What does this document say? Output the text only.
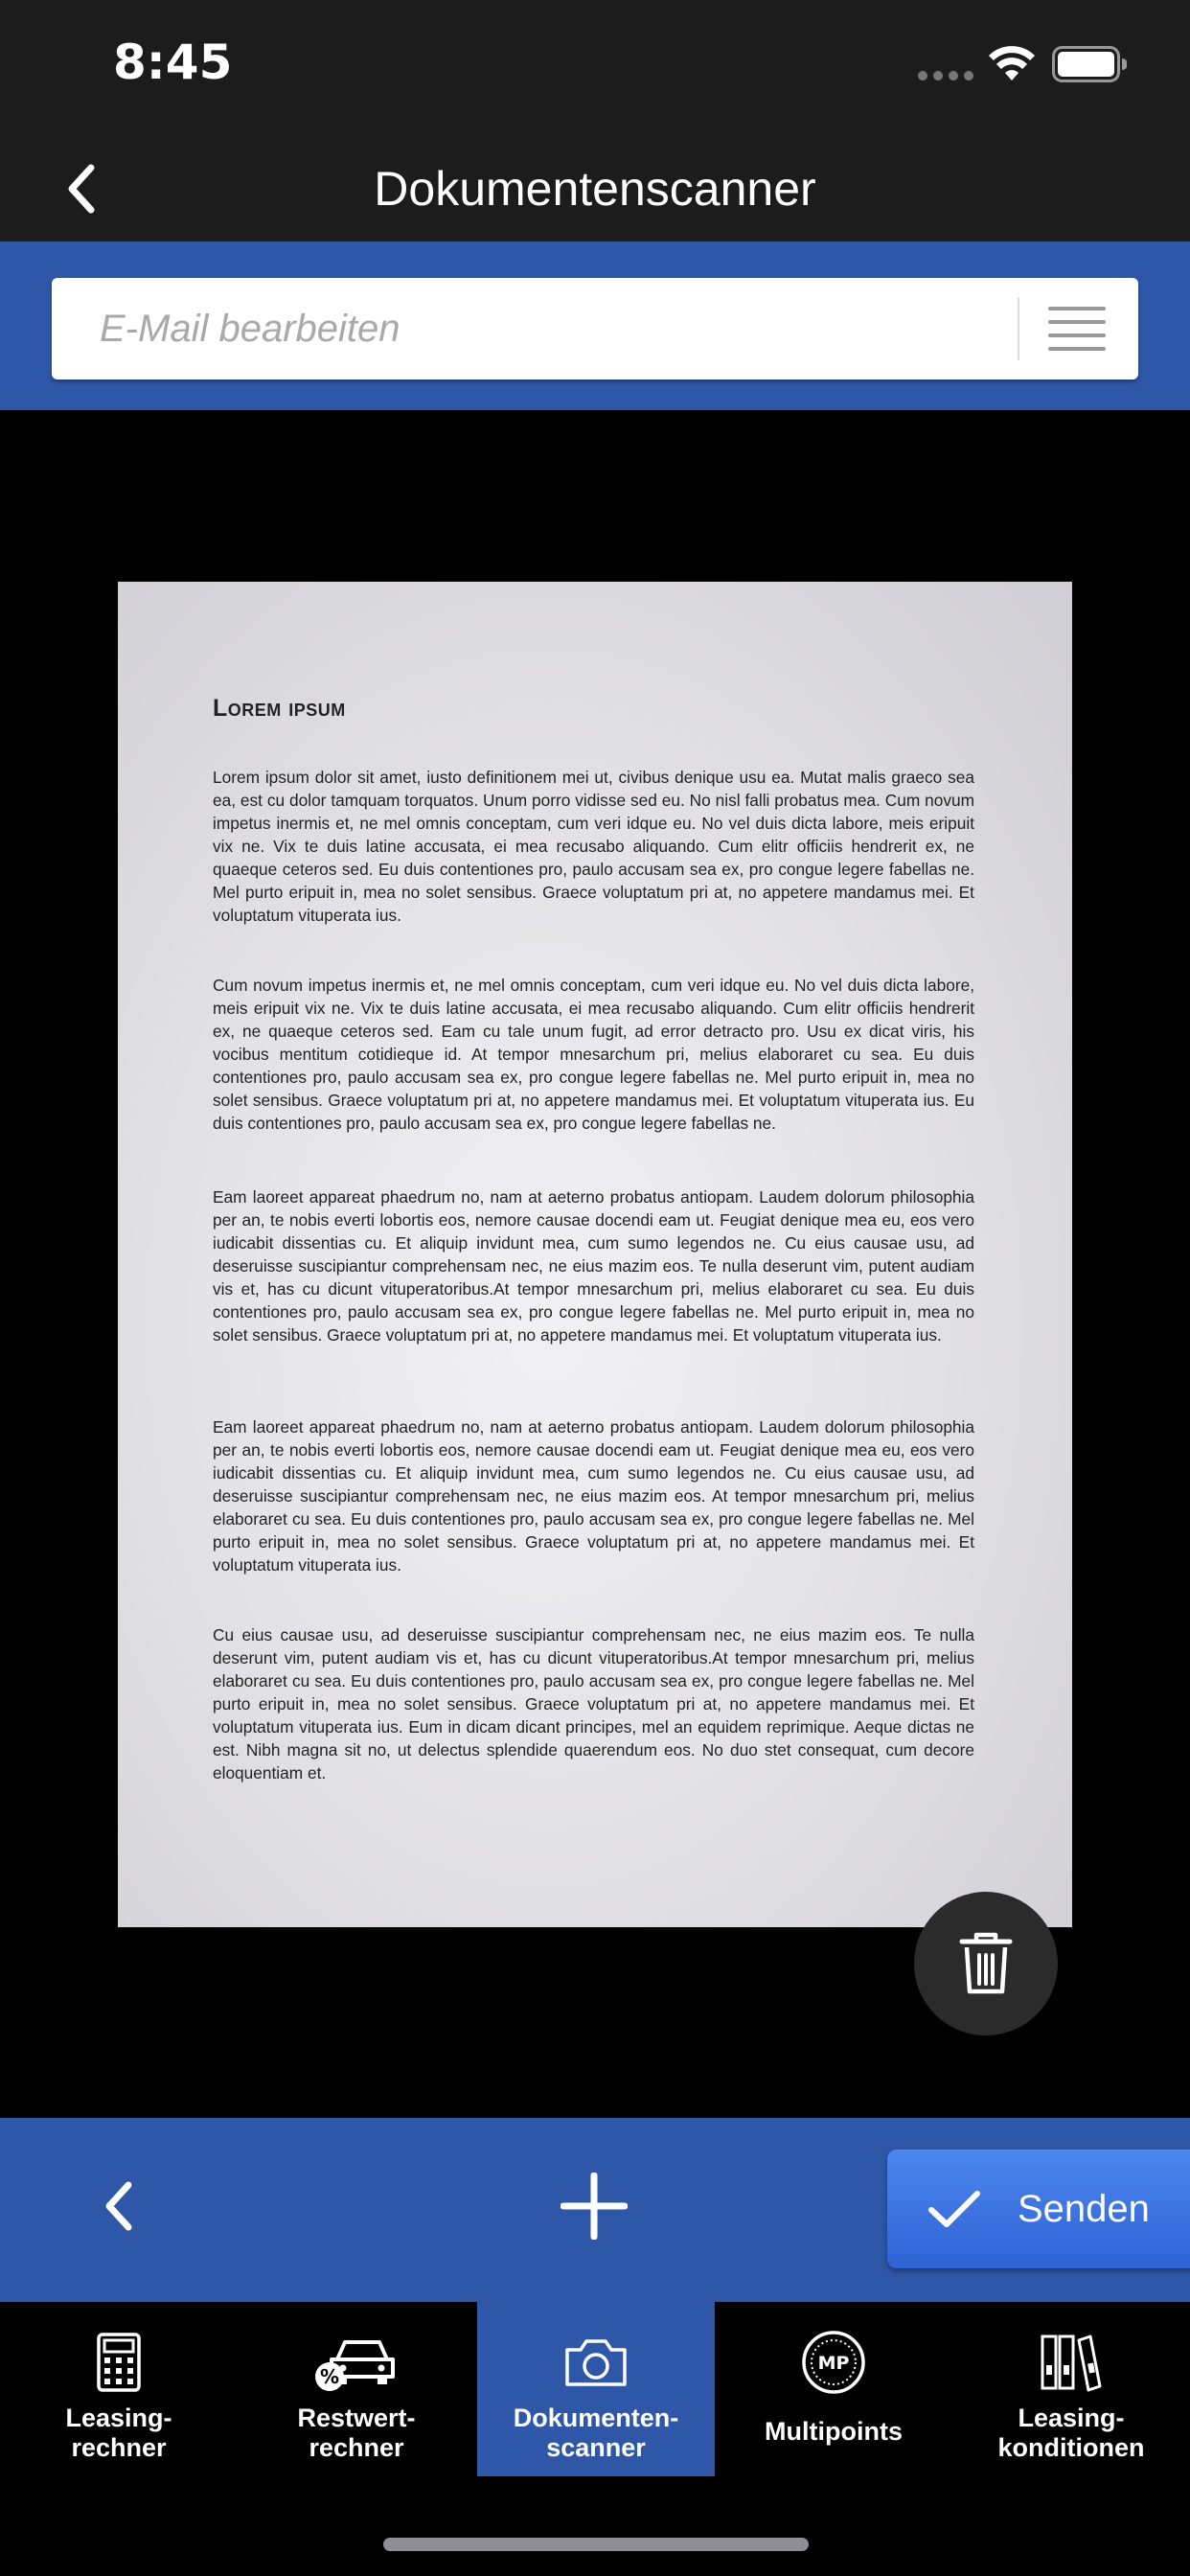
8:45
Dokumentenscanner
E-Mail bearbeiten
Lorem ipsum
Lorem ipsum dolor sit amet, iusto definitionem mei ut, civibus denique usu ea. Mutat malis graeco sea ea, est cu dolor tamquam torquatos. Unum porro vidisse sed eu. No nisl falli probatus mea. Cum novum impetus inermis et, ne mel omnis conceptam, cum veri idque eu. No vel duis dicta labore, meis eripuit vix ne. Vix te duis latine accusata, ei mea recusabo aliquando. Cum elitr officiis hendrerit ex, ne quaeque ceteros sed. Eu duis contentiones pro, paulo accusam sea ex, pro congue legere fabellas ne. Mel purto eripuit in, mea no solet sensibus. Graece voluptatum pri at, no appetere mandamus mei. Et voluptatum vituperata ius.
Cum novum impetus inermis et, ne mel omnis conceptam, cum veri idque eu. No vel duis dicta labore, meis eripuit vix ne. Vix te duis latine accusata, ei mea recusabo aliquando. Cum elitr officiis hendrerit ex, ne quaeque ceteros sed. Eam cu tale unum fugit, ad error detracto pro. Usu ex dicat viris, his vocibus mentitum cotidieque id. At tempor mnesarchum pri, melius elaboraret cu sea. Eu duis contentiones pro, paulo accusam sea ex, pro congue legere fabellas ne. Mel purto eripuit in, mea no solet sensibus. Graece voluptatum pri at, no appetere mandamus mei. Et voluptatum vituperata ius. Eu duis contentiones pro, paulo accusam sea ex, pro congue legere fabellas ne.
Eam laoreet appareat phaedrum no, nam at aeterno probatus antiopam. Laudem dolorum philosophia per an, te nobis everti lobortis eos, nemore causae docendi eam ut. Feugiat denique mea eu, eos vero iudicabit dissentias cu. Et aliquip invidunt mea, cum sumo legendos ne. Cu eius causae usu, ad deseruisse suscipiantur comprehensam nec, ne eius mazim eos. Te nulla deserunt vim, putent audiam vis et, has cu dicunt vituperatoribus.At tempor mnesarchum pri, melius elaboraret cu sea. Eu duis contentiones pro, paulo accusam sea ex, pro congue legere fabellas ne. Mel purto eripuit in, mea no solet sensibus. Graece voluptatum pri at, no appetere mandamus mei. Et voluptatum vituperata ius.
Eam laoreet appareat phaedrum no, nam at aeterno probatus antiopam. Laudem dolorum philosophia per an, te nobis everti lobortis eos, nemore causae docendi eam ut. Feugiat denique mea eu, eos vero iudicabit dissentias cu. Et aliquip invidunt mea, cum sumo legendos ne. Cu eius causae usu, ad deseruisse suscipiantur comprehensam nec, ne eius mazim eos. At tempor mnesarchum pri, melius elaboraret cu sea. Eu duis contentiones pro, paulo accusam sea ex, pro congue legere fabellas ne. Mel purto eripuit in, mea no solet sensibus. Graece voluptatum pri at, no appetere mandamus mei. Et voluptatum vituperata ius.
Cu eius causae usu, ad deseruisse suscipiantur comprehensam nec, ne eius mazim eos. Te nulla deserunt vim, putent audiam vis et, has cu dicunt vituperatoribus.At tempor mnesarchum pri, melius elaboraret cu sea. Eu duis contentiones pro, paulo accusam sea ex, pro congue legere fabellas ne. Mel purto eripuit in, mea no solet sensibus. Graece voluptatum pri at, no appetere mandamus mei. Et voluptatum vituperata ius. Eum in dicam dicant principes, mel an equidem reprimique. Aeque dictas ne est. Nibh magna sit no, ut delectus splendide quaerendum eos. No duo stet consequat, cum decore eloquentiam et.
Senden
Leasing-
rechner
%
Restwert-
rechner
Dokumenten-
scanner
MP
Multipoints	Leasing-
konditionen
